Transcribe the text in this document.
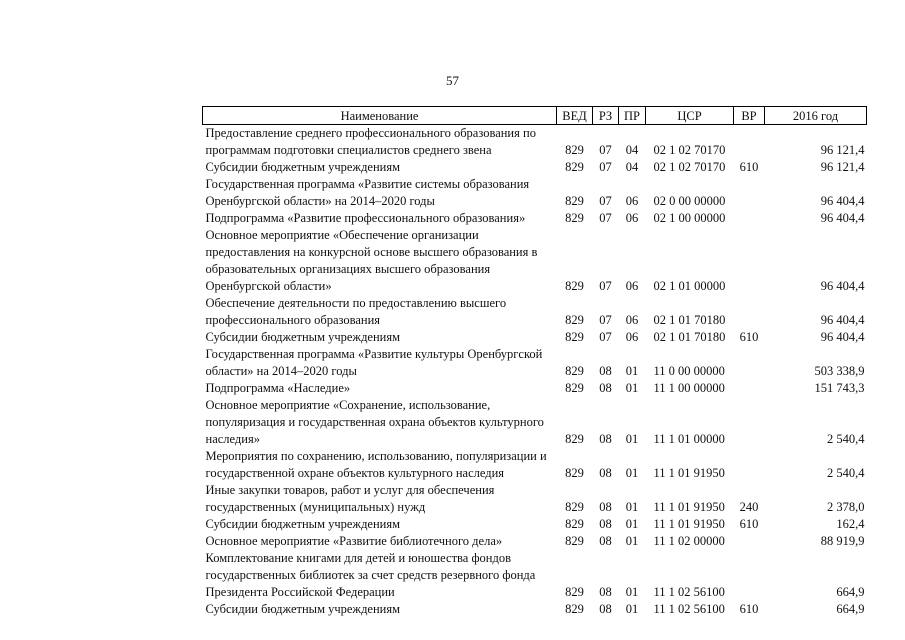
57
Наименование	ВЕД	РЗ	ПР	ЦСР	ВР	2016 год
Предоставление среднего профессионального образования по программам подготовки специалистов среднего звена	829	07	04	02 1 02 70170		96 121,4
Субсидии бюджетным учреждениям	829	07	04	02 1 02 70170	610	96 121,4
Государственная программа «Развитие системы образования Оренбургской области» на 2014–2020 годы	829	07	06	02 0 00 00000		96 404,4
Подпрограмма «Развитие профессионального образования»	829	07	06	02 1 00 00000		96 404,4
Основное мероприятие «Обеспечение организации предоставления на конкурсной основе высшего образования в образовательных организациях высшего образования Оренбургской области»	829	07	06	02 1 01 00000		96 404,4
Обеспечение деятельности по предоставлению высшего профессионального образования	829	07	06	02 1 01 70180		96 404,4
Субсидии бюджетным учреждениям	829	07	06	02 1 01 70180	610	96 404,4
Государственная программа «Развитие культуры Оренбургской области» на 2014–2020 годы	829	08	01	11 0 00 00000		503 338,9
Подпрограмма «Наследие»	829	08	01	11 1 00 00000		151 743,3
Основное мероприятие «Сохранение, использование, популяризация и государственная охрана объектов культурного наследия»	829	08	01	11 1 01 00000		2 540,4
Мероприятия по сохранению, использованию, популяризации и государственной охране объектов культурного наследия	829	08	01	11 1 01 91950		2 540,4
Иные закупки товаров, работ и услуг для обеспечения государственных (муниципальных) нужд	829	08	01	11 1 01 91950	240	2 378,0
Субсидии бюджетным учреждениям	829	08	01	11 1 01 91950	610	162,4
Основное мероприятие «Развитие библиотечного дела»	829	08	01	11 1 02 00000		88 919,9
Комплектование книгами для детей и юношества фондов государственных библиотек за счет средств резервного фонда Президента Российской Федерации	829	08	01	11 1 02 56100		664,9
Субсидии бюджетным учреждениям	829	08	01	11 1 02 56100	610	664,9
